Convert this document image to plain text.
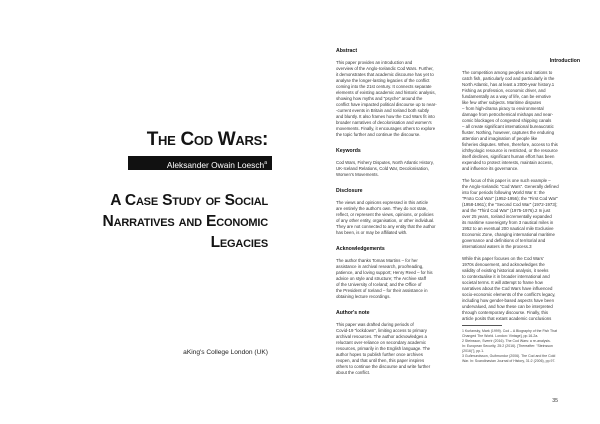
The Cod Wars:
Aleksander Owain Loesch$^a$
A Case Study of Social
Narratives and Economic
Legacies
aKing's College London (UK)
Abstract
This paper provides an introduction and
overview of the Anglo-Icelandic Cod Wars. Further,
it demonstrates that academic discourse has yet to
analyse the longer-lasting legacies of the conflict
coming into the 21st century. It connects separate
elements of existing academic and historic analysis,
showing how myths and "psyche" around the
conflict have impacted political discourse up to near-
-current events in Britain and Iceland both subtly
and bluntly. It also frames how the Cod Wars fit into
broader narratives of decolonisation and women's
movements. Finally, it encourages others to explore
the topic further and continue the discourse.
Keywords
Cod Wars, Fishery Disputes, North Atlantic History,
UK-Iceland Relations, Cold War, Decolonisation,
Women's Movements.
Disclosure
The views and opinions expressed in this article
are entirely the author's own. They do not state,
reflect, or represent the views, opinions, or policies
of any other entity, organisation, or other individual.
They are not connected to any entity that the author
has been, is or may be affiliated with.
Acknowledgements
The author thanks Tomas Martins – for her
assistance in archival research, proofreading,
patience, and loving support; Henry Reed – for his
advice on style and structure; The Archive staff
of the University of Iceland; and the Office of
the President of Iceland – for their assistance in
obtaining lecture recordings.
Author's note
This paper was drafted during periods of
Covid-19 "lockdown", limiting access to primary
archival resources. The author acknowledges a
reluctant over-reliance on secondary academic
resources, primarily in the English language. The
author hopes to publish further once archives
reopen, and that until then, this paper inspires
others to continue the discourse and write further
about the conflict.
35
Introduction
The competition among peoples and nations to
catch fish, particularly cod and particularly in the
North Atlantic, has at least a 2000-year history.1
Fishing as profession, economic driver, and
fundamentally as a way of life, can be emotive
like few other subjects. Maritime disputes
– from high-drama piracy to environmental
damage from petrochemical mishaps and near-
comic blockages of congested shipping canals
– all create significant international bureaucratic
fluster. Nothing, however, captures the enduring
attention and imagination of people like
fisheries disputes. When, therefore, access to this
ichthyologic resource is restricted, or the resource
itself declines, significant human effort has been
expended to protect interests, maintain access,
and influence its governance.
The focus of this paper is one such example –
the Anglo-Icelandic "Cod Wars". Generally defined
into four periods following World War II: the
"Proto Cod War" (1952-1956); the "First Cod War"
(1958-1961); the "Second Cod War" (1972-1973);
and the "Third Cod War" (1975-1976).2 In just
over 25 years, Iceland incrementally expanded
its maritime sovereignty from 3 nautical miles in
1952 to an eventual 200 nautical mile Exclusive
Economic Zone, changing international maritime
governance and definitions of territorial and
international waters in the process.3
While this paper focuses on the Cod Wars'
1970s denouement, and acknowledges the
validity of existing historical analysis, it seeks
to contextualise it in broader international and
societal terms. It will attempt to frame how
narratives about the Cod Wars have influenced
socio-economic elements of the conflict's legacy,
including how gender-based aspects have been
undervalued, and how these can be interpreted
through contemporary discourse. Finally, this
article posits that extant academic conclusions
1 Kurlansky, Mark (1999). Cod – A Biography of the Fish That
Changed The World. London: Vintage], pp.16-2a.
2 Steinsson, Sverrir (2016). The Cod Wars: a re-analysis.
In: European Security, 25:2 (2016). [Thereafter: "Steinsson
(2016)"], pp.1.
3 Guðmundsson, Guðmundur (2006). The Cod and the Cold
War. In: Scandinavian Journal of History, 31:2 (2006), pp.97.
